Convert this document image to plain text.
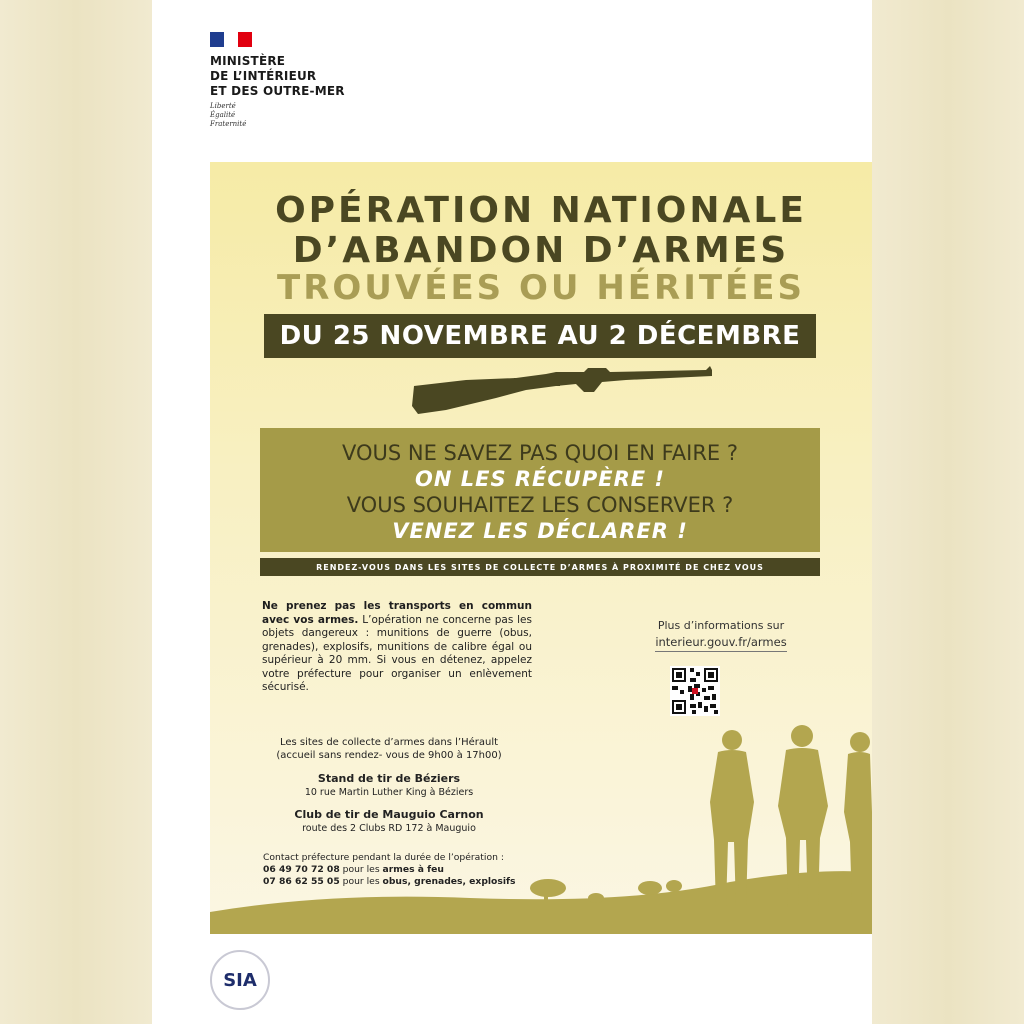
MINISTÈRE
DE L’INTÉRIEUR
ET DES OUTRE-MER
Liberté
Égalité
Fraternité
OPÉRATION NATIONALE
D’ABANDON D’ARMES
TROUVÉES OU HÉRITÉES
DU 25 NOVEMBRE AU 2 DÉCEMBRE
VOUS NE SAVEZ PAS QUOI EN FAIRE ?
ON LES RÉCUPÈRE !
VOUS SOUHAITEZ LES CONSERVER ?
VENEZ LES DÉCLARER !
RENDEZ-VOUS DANS LES SITES DE COLLECTE D’ARMES À PROXIMITÉ DE CHEZ VOUS
Ne prenez pas les transports en commun avec vos armes. L’opération ne concerne pas les objets dangereux : munitions de guerre (obus, grenades), explosifs, munitions de calibre égal ou supérieur à 20 mm. Si vous en détenez, appelez votre préfecture pour organiser un enlèvement sécurisé.
Plus d’informations sur
interieur.gouv.fr/armes
Les sites de collecte d’armes dans l’Hérault
(accueil sans rendez- vous de 9h00 à 17h00)
Stand de tir de Béziers
10 rue Martin Luther King à Béziers
Club de tir de Mauguio Carnon
route des 2 Clubs RD 172 à Mauguio
Contact préfecture pendant la durée de l’opération :
06 49 70 72 08 pour les armes à feu
07 86 62 55 05 pour les obus, grenades, explosifs
SIA
